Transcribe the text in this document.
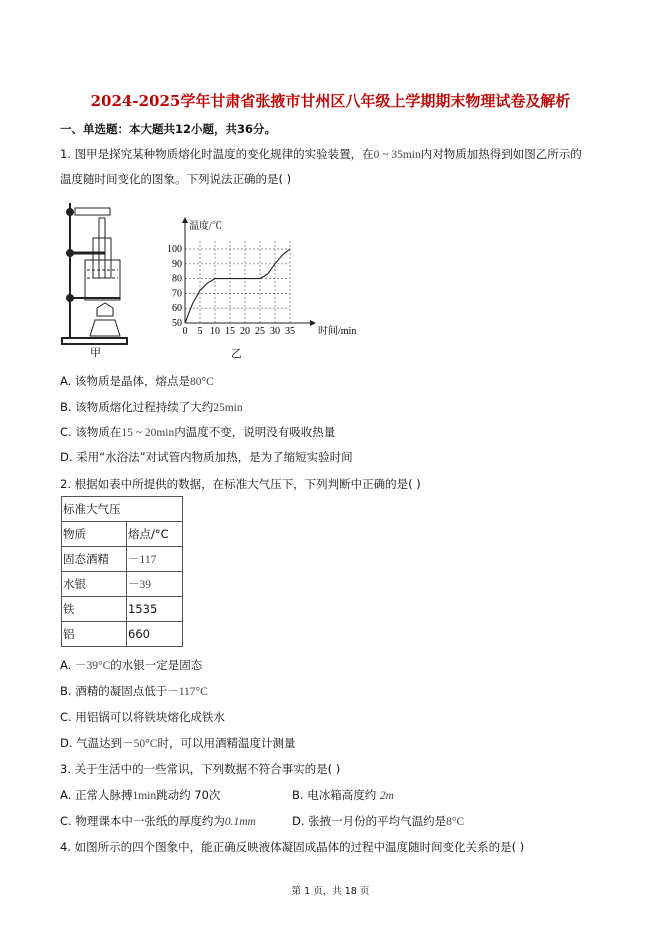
2024-2025学年甘肃省张掖市甘州区八年级上学期期末物理试卷及解析
一、单选题：本大题共12小题，共36分。
1. 图甲是探究某种物质熔化时温度的变化规律的实验装置，在0 ~ 35min内对物质加热得到如图乙所示的
温度随时间变化的图象。下列说法正确的是( )
甲
0 5 10 15 20 25 30 35
50
60
70
80
90
100
温度/℃
时间/min
乙
A. 该物质是晶体，熔点是80°C
B. 该物质熔化过程持续了大约25min
C. 该物质在15 ~ 20min内温度不变，说明没有吸收热量
D. 采用“水浴法”对试管内物质加热，是为了缩短实验时间
2. 根据如表中所提供的数据，在标准大气压下，下列判断中正确的是( )
标准大气压	
物质	熔点/°C
固态酒精	－117
水银	－39
铁	1535
铝	660
A. －39°C的水银一定是固态
B. 酒精的凝固点低于－117°C
C. 用铝锅可以将铁块熔化成铁水
D. 气温达到－50°C时，可以用酒精温度计测量
3. 关于生活中的一些常识，下列数据不符合事实的是( )
A. 正常人脉搏1min跳动约 70次	B. 电冰箱高度约 2m
C. 物理课本中一张纸的厚度约为0.1mm	D. 张掖一月份的平均气温约是8°C
4. 如图所示的四个图象中，能正确反映液体凝固成晶体的过程中温度随时间变化关系的是( )
第 1 页，共 18 页
